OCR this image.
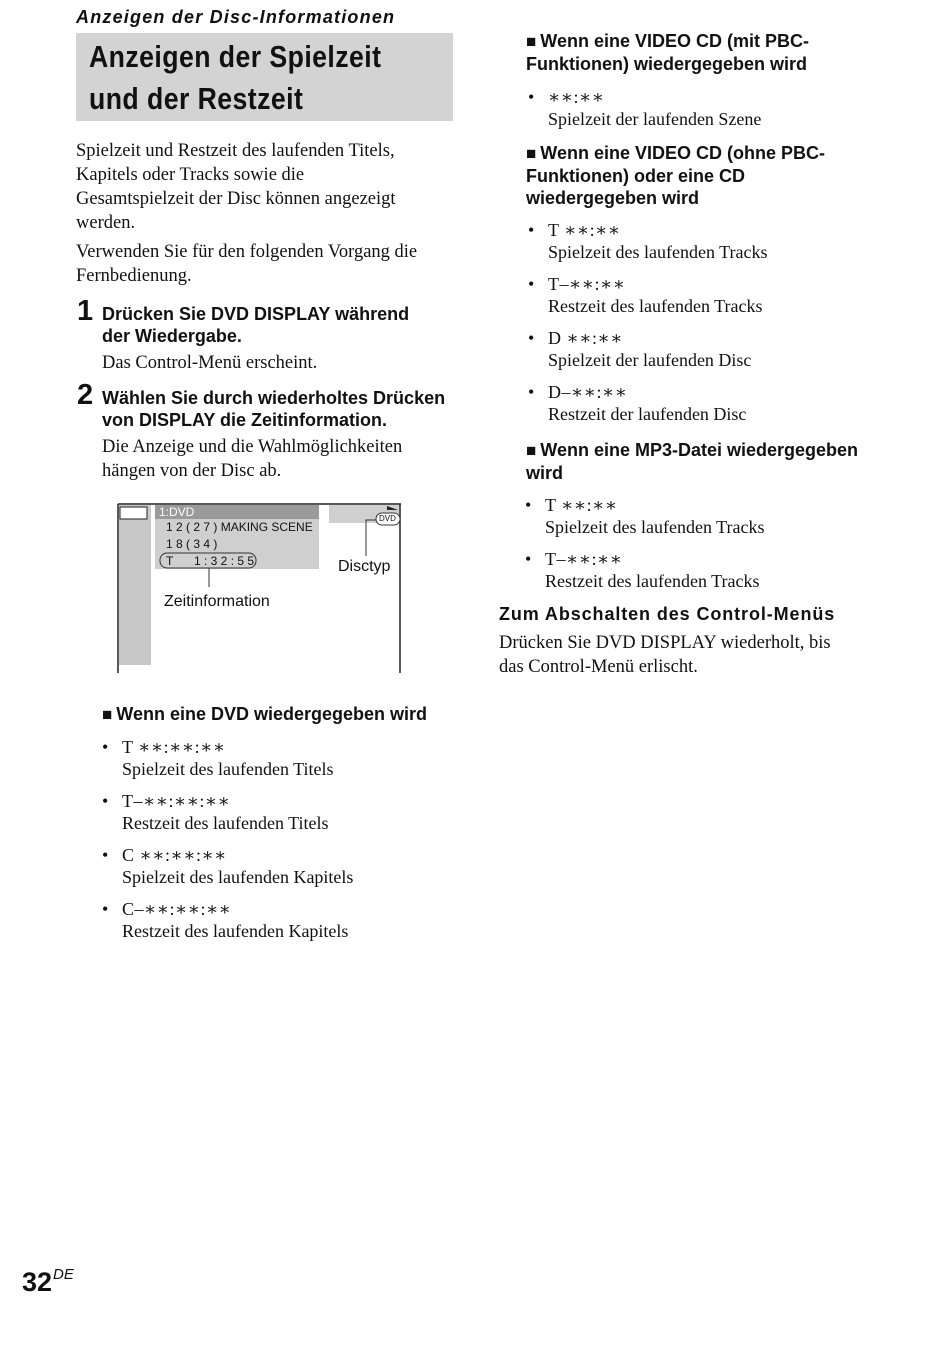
Anzeigen der Disc-Informationen
Anzeigen der Spielzeit
und der Restzeit

Spielzeit und Restzeit des laufenden Titels,
Kapitels oder Tracks sowie die
Gesamtspielzeit der Disc können angezeigt
werden.

Verwenden Sie für den folgenden Vorgang die
Fernbedienung.

1 Drücken Sie DVD DISPLAY während
der Wiedergabe.

Das Control-Menü erscheint.

2 Wählen Sie durch wiederholtes Drücken
von DISPLAY die Zeitinformation.

Die Anzeige und die Wahlmöglichkeiten
hängen von der Disc ab.

1:DVD
1 2 ( 2 7 ) MAKING SCENE
1 8 ( 3 4 )
T 1 : 3 2 : 5 5
DVD
Disctyp
Zeitinformation

■ Wenn eine DVD wiedergegeben wird

• T ∗∗:∗∗:∗∗
Spielzeit des laufenden Titels
• T–∗∗:∗∗:∗∗
Restzeit des laufenden Titels
• C ∗∗:∗∗:∗∗
Spielzeit des laufenden Kapitels
• C–∗∗:∗∗:∗∗
Restzeit des laufenden Kapitels

■ Wenn eine VIDEO CD (mit PBC-
Funktionen) wiedergegeben wird

• ∗∗:∗∗
Spielzeit der laufenden Szene

■ Wenn eine VIDEO CD (ohne PBC-
Funktionen) oder eine CD
wiedergegeben wird

• T ∗∗:∗∗
Spielzeit des laufenden Tracks
• T–∗∗:∗∗
Restzeit des laufenden Tracks
• D ∗∗:∗∗
Spielzeit der laufenden Disc
• D–∗∗:∗∗
Restzeit der laufenden Disc

■ Wenn eine MP3-Datei wiedergegeben
wird

• T ∗∗:∗∗
Spielzeit des laufenden Tracks
• T–∗∗:∗∗
Restzeit des laufenden Tracks

Zum Abschalten des Control-Menüs

Drücken Sie DVD DISPLAY wiederholt, bis
das Control-Menü erlischt.

32DE
